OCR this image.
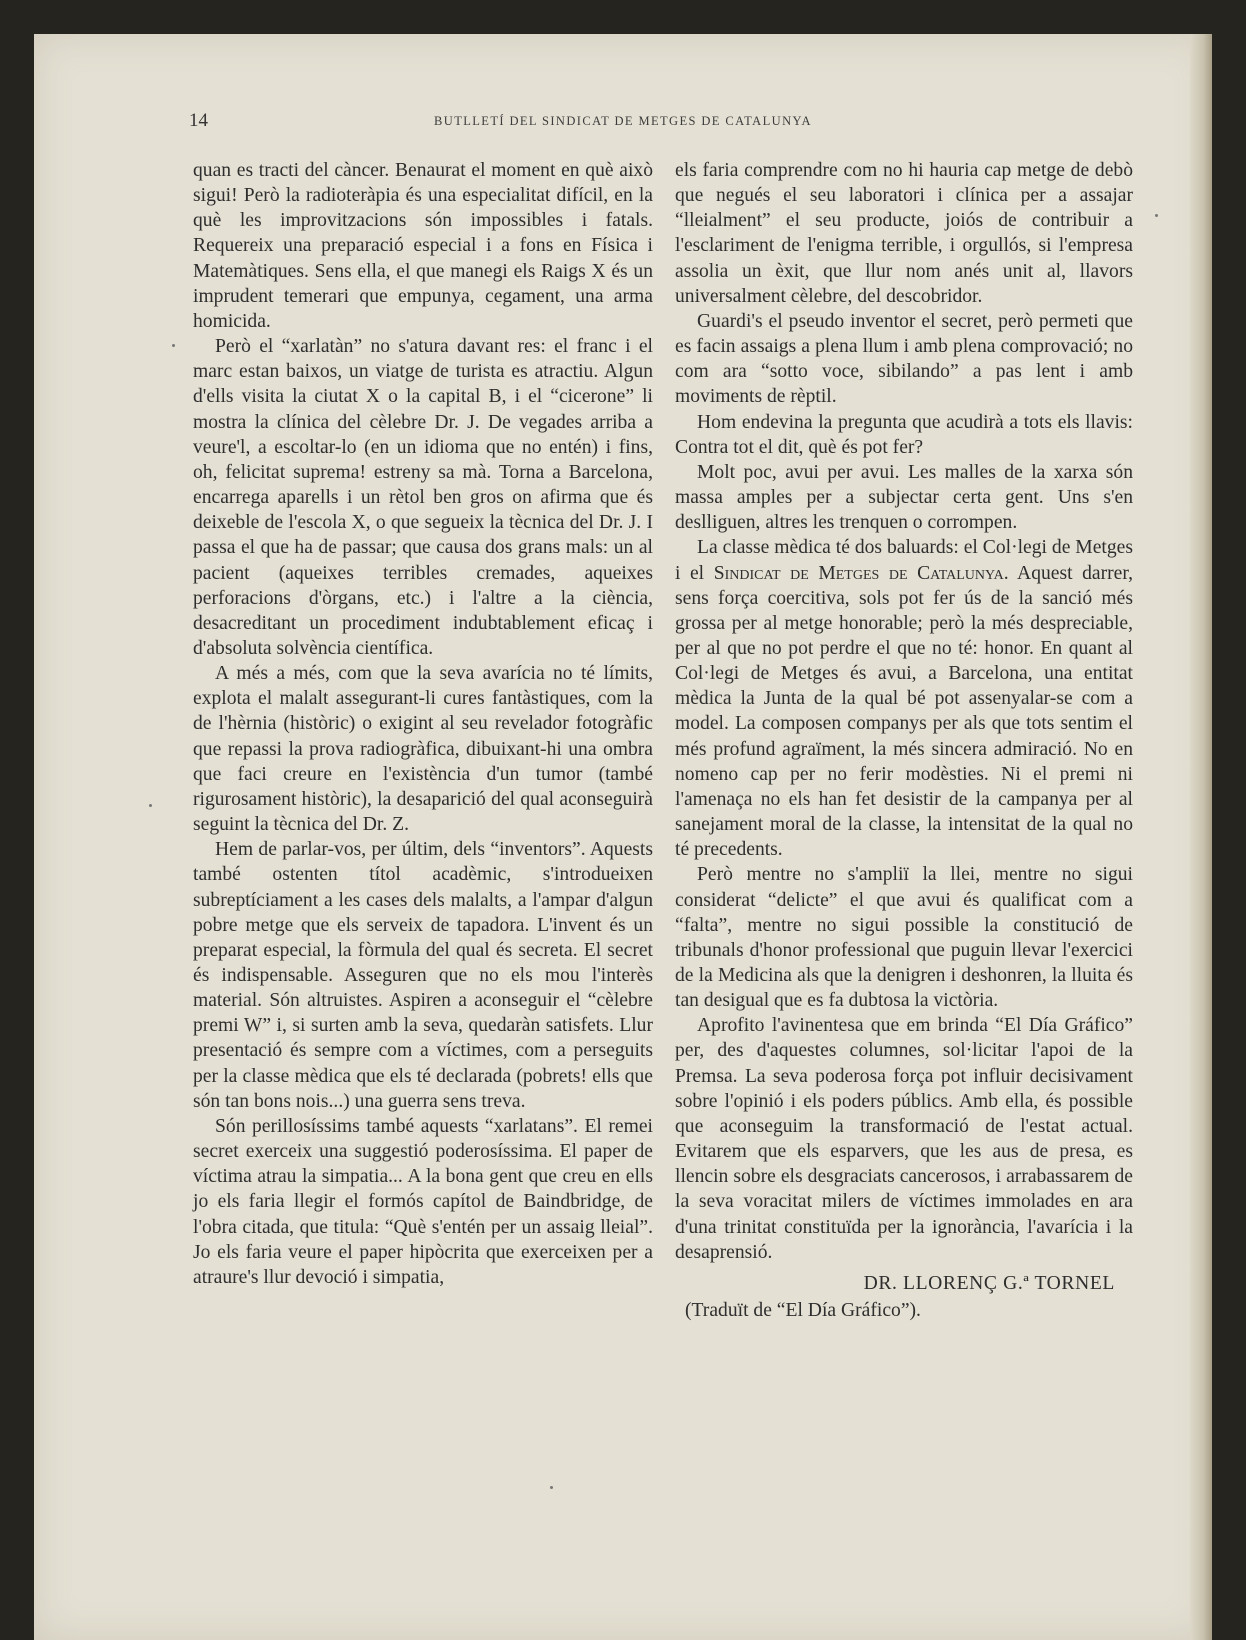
14	BUTLLETÍ DEL SINDICAT DE METGES DE CATALUNYA

quan es tracti del càncer. Benaurat el moment en què això sigui! Però la radioteràpia és una especialitat difícil, en la què les improvitzacions són impossibles i fatals. Requereix una preparació especial i a fons en Física i Matemàtiques. Sens ella, el que manegi els Raigs X és un imprudent temerari que empunya, cegament, una arma homicida.

Però el “xarlatàn” no s'atura davant res: el franc i el marc estan baixos, un viatge de turista es atractiu. Algun d'ells visita la ciutat X o la capital B, i el “cicerone” li mostra la clínica del cèlebre Dr. J. De vegades arriba a veure'l, a escoltar-lo (en un idioma que no entén) i fins, oh, felicitat suprema! estreny sa mà. Torna a Barcelona, encarrega aparells i un rètol ben gros on afirma que és deixeble de l'escola X, o que segueix la tècnica del Dr. J. I passa el que ha de passar; que causa dos grans mals: un al pacient (aqueixes terribles cremades, aqueixes perforacions d'òrgans, etc.) i l'altre a la ciència, desacreditant un procediment indubtablement eficaç i d'absoluta solvència científica.

A més a més, com que la seva avarícia no té límits, explota el malalt assegurant-li cures fantàstiques, com la de l'hèrnia (històric) o exigint al seu revelador fotogràfic que repassi la prova radiogràfica, dibuixant-hi una ombra que faci creure en l'existència d'un tumor (també rigurosament històric), la desaparició del qual aconseguirà seguint la tècnica del Dr. Z.

Hem de parlar-vos, per últim, dels “inventors”. Aquests també ostenten títol acadèmic, s'introdueixen subreptíciament a les cases dels malalts, a l'ampar d'algun pobre metge que els serveix de tapadora. L'invent és un preparat especial, la fòrmula del qual és secreta. El secret és indispensable. Asseguren que no els mou l'interès material. Són altruistes. Aspiren a aconseguir el “cèlebre premi W” i, si surten amb la seva, quedaràn satisfets. Llur presentació és sempre com a víctimes, com a perseguits per la classe mèdica que els té declarada (pobrets! ells que són tan bons nois...) una guerra sens treva.

Són perillosíssims també aquests “xarlatans”. El remei secret exerceix una suggestió poderosíssima. El paper de víctima atrau la simpatia... A la bona gent que creu en ells jo els faria llegir el formós capítol de Baindbridge, de l'obra citada, que titula: “Què s'entén per un assaig lleial”. Jo els faria veure el paper hipòcrita que exerceixen per a atraure's llur devoció i simpatia,

els faria comprendre com no hi hauria cap metge de debò que negués el seu laboratori i clínica per a assajar “lleialment” el seu producte, joiós de contribuir a l'esclariment de l'enigma terrible, i orgullós, si l'empresa assolia un èxit, que llur nom anés unit al, llavors universalment cèlebre, del descobridor.

Guardi's el pseudo inventor el secret, però permeti que es facin assaigs a plena llum i amb plena comprovació; no com ara “sotto voce, sibilando” a pas lent i amb moviments de rèptil.

Hom endevina la pregunta que acudirà a tots els llavis: Contra tot el dit, què és pot fer?

Molt poc, avui per avui. Les malles de la xarxa són massa amples per a subjectar certa gent. Uns s'en deslliguen, altres les trenquen o corrompen.

La classe mèdica té dos baluards: el Col·legi de Metges i el Sindicat de Metges de Catalunya. Aquest darrer, sens força coercitiva, sols pot fer ús de la sanció més grossa per al metge honorable; però la més despreciable, per al que no pot perdre el que no té: honor. En quant al Col·legi de Metges és avui, a Barcelona, una entitat mèdica la Junta de la qual bé pot assenyalar-se com a model. La composen companys per als que tots sentim el més profund agraïment, la més sincera admiració. No en nomeno cap per no ferir modèsties. Ni el premi ni l'amenaça no els han fet desistir de la campanya per al sanejament moral de la classe, la intensitat de la qual no té precedents.

Però mentre no s'ampliï la llei, mentre no sigui considerat “delicte” el que avui és qualificat com a “falta”, mentre no sigui possible la constitució de tribunals d'honor professional que puguin llevar l'exercici de la Medicina als que la denigren i deshonren, la lluita és tan desigual que es fa dubtosa la victòria.

Aprofito l'avinentesa que em brinda “El Día Gráfico” per, des d'aquestes columnes, sol·licitar l'apoi de la Premsa. La seva poderosa força pot influir decisivament sobre l'opinió i els poders públics. Amb ella, és possible que aconseguim la transformació de l'estat actual. Evitarem que els esparvers, que les aus de presa, es llencin sobre els desgraciats cancerosos, i arrabassarem de la seva voracitat milers de víctimes immolades en ara d'una trinitat constituïda per la ignorància, l'avarícia i la desaprensió.

DR. LLORENÇ G.ª TORNEL

(Traduït de “El Día Gráfico”).
